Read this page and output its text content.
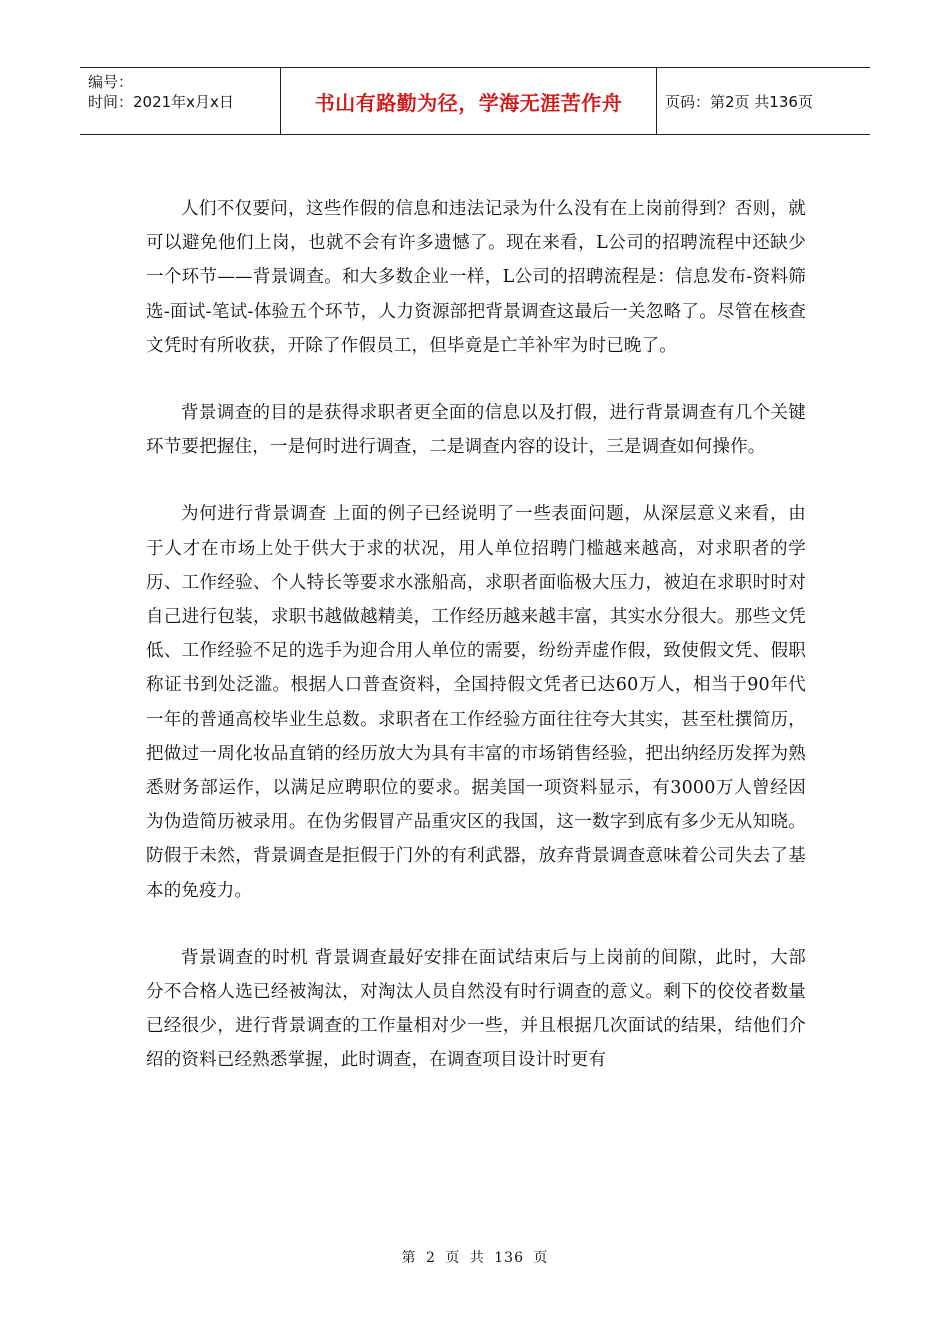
编号：
时间：2021年x月x日	书山有路勤为径，学海无涯苦作舟	页码：第2页 共136页

人们不仅要问，这些作假的信息和违法记录为什么没有在上岗前得到？否则，就可以避免他们上岗，也就不会有许多遗憾了。现在来看，L公司的招聘流程中还缺少一个环节——背景调查。和大多数企业一样，L公司的招聘流程是：信息发布-资料筛选-面试-笔试-体验五个环节，人力资源部把背景调查这最后一关忽略了。尽管在核查文凭时有所收获，开除了作假员工，但毕竟是亡羊补牢为时已晚了。

背景调查的目的是获得求职者更全面的信息以及打假，进行背景调查有几个关键环节要把握住，一是何时进行调查，二是调查内容的设计，三是调查如何操作。

为何进行背景调查 上面的例子已经说明了一些表面问题，从深层意义来看，由于人才在市场上处于供大于求的状况，用人单位招聘门槛越来越高，对求职者的学历、工作经验、个人特长等要求水涨船高，求职者面临极大压力，被迫在求职时时对自己进行包装，求职书越做越精美，工作经历越来越丰富，其实水分很大。那些文凭低、工作经验不足的选手为迎合用人单位的需要，纷纷弄虚作假，致使假文凭、假职称证书到处泛滥。根据人口普查资料，全国持假文凭者已达60万人，相当于90年代一年的普通高校毕业生总数。求职者在工作经验方面往往夸大其实，甚至杜撰简历，把做过一周化妆品直销的经历放大为具有丰富的市场销售经验，把出纳经历发挥为熟悉财务部运作，以满足应聘职位的要求。据美国一项资料显示，有3000万人曾经因为伪造简历被录用。在伪劣假冒产品重灾区的我国，这一数字到底有多少无从知晓。防假于未然，背景调查是拒假于门外的有利武器，放弃背景调查意味着公司失去了基本的免疫力。

背景调查的时机 背景调查最好安排在面试结束后与上岗前的间隙，此时，大部分不合格人选已经被淘汰，对淘汰人员自然没有时行调查的意义。剩下的佼佼者数量已经很少，进行背景调查的工作量相对少一些，并且根据几次面试的结果，结他们介绍的资料已经熟悉掌握，此时调查，在调查项目设计时更有

第 2 页 共 136 页
